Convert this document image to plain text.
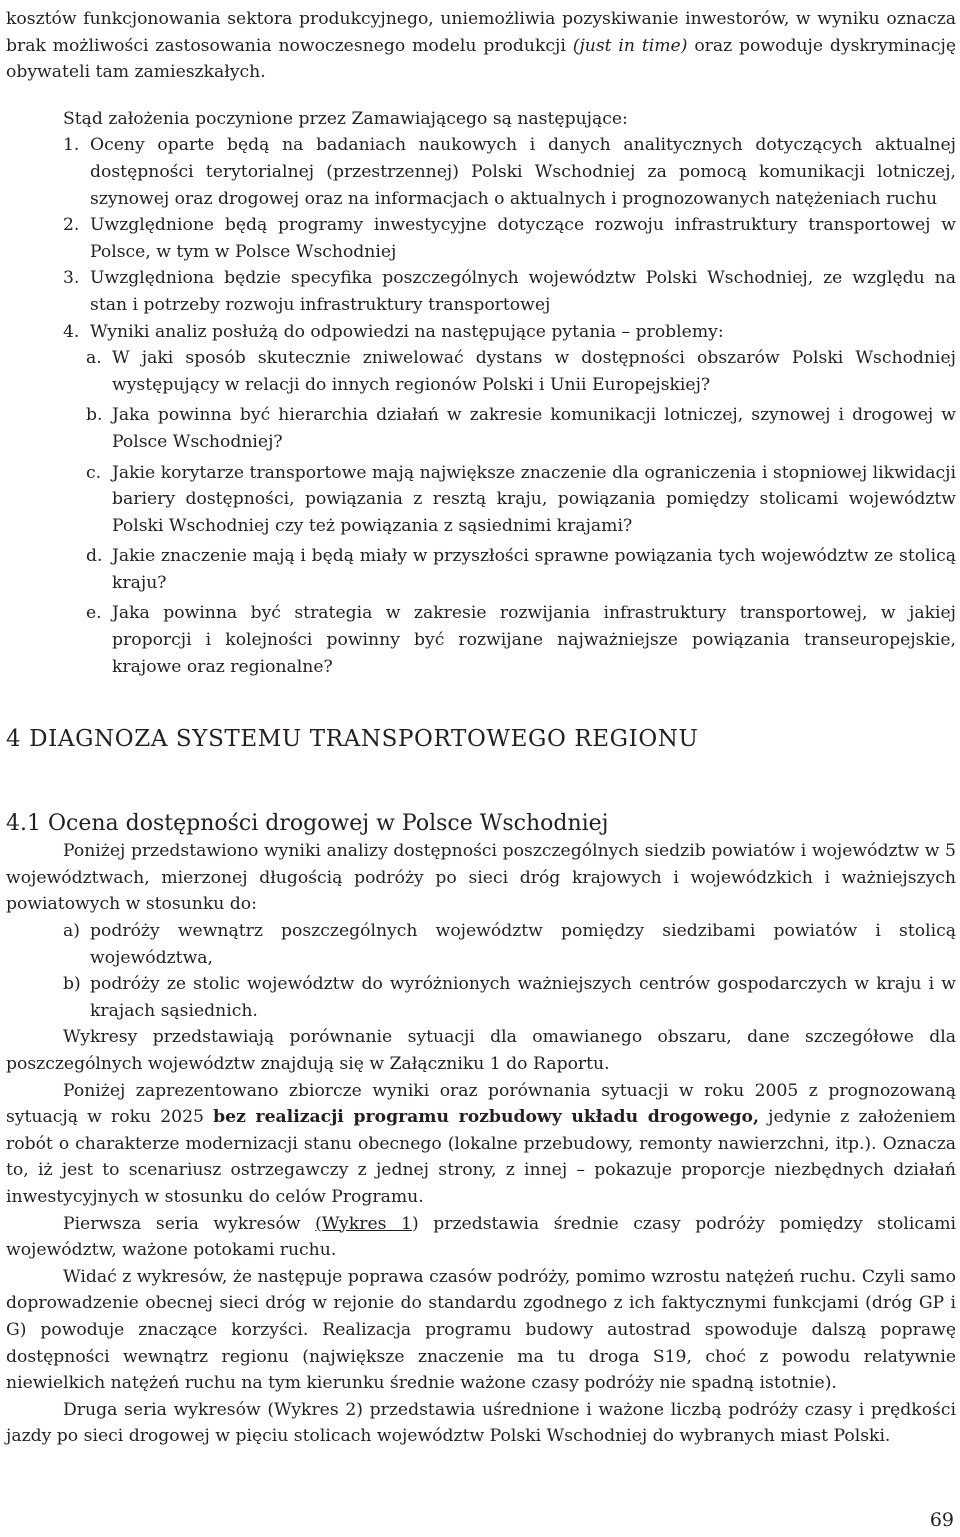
kosztów funkcjonowania sektora produkcyjnego, uniemożliwia pozyskiwanie inwestorów, w wyniku oznacza brak możliwości zastosowania nowoczesnego modelu produkcji (just in time) oraz powoduje dyskryminację obywateli tam zamieszkałych.

Stąd założenia poczynione przez Zamawiającego są następujące:

1. Oceny oparte będą na badaniach naukowych i danych analitycznych dotyczących aktualnej dostępności terytorialnej (przestrzennej) Polski Wschodniej za pomocą komunikacji lotniczej, szynowej oraz drogowej oraz na informacjach o aktualnych i prognozowanych natężeniach ruchu
2. Uwzględnione będą programy inwestycyjne dotyczące rozwoju infrastruktury transportowej w Polsce, w tym w Polsce Wschodniej
3. Uwzględniona będzie specyfika poszczególnych województw Polski Wschodniej, ze względu na stan i potrzeby rozwoju infrastruktury transportowej
4. Wyniki analiz posłużą do odpowiedzi na następujące pytania – problemy:
a. W jaki sposób skutecznie zniwelować dystans w dostępności obszarów Polski Wschodniej występujący w relacji do innych regionów Polski i Unii Europejskiej?
b. Jaka powinna być hierarchia działań w zakresie komunikacji lotniczej, szynowej i drogowej w Polsce Wschodniej?
c. Jakie korytarze transportowe mają największe znaczenie dla ograniczenia i stopniowej likwidacji bariery dostępności, powiązania z resztą kraju, powiązania pomiędzy stolicami województw Polski Wschodniej czy też powiązania z sąsiednimi krajami?
d. Jakie znaczenie mają i będą miały w przyszłości sprawne powiązania tych województw ze stolicą kraju?
e. Jaka powinna być strategia w zakresie rozwijania infrastruktury transportowej, w jakiej proporcji i kolejności powinny być rozwijane najważniejsze powiązania transeuropejskie, krajowe oraz regionalne?
4 DIAGNOZA SYSTEMU TRANSPORTOWEGO REGIONU
4.1 Ocena dostępności drogowej w Polsce Wschodniej

Poniżej przedstawiono wyniki analizy dostępności poszczególnych siedzib powiatów i województw w 5 województwach, mierzonej długością podróży po sieci dróg krajowych i wojewódzkich i ważniejszych powiatowych w stosunku do:

a) podróży wewnątrz poszczególnych województw pomiędzy siedzibami powiatów i stolicą województwa,
b) podróży ze stolic województw do wyróżnionych ważniejszych centrów gospodarczych w kraju i w krajach sąsiednich.

Wykresy przedstawiają porównanie sytuacji dla omawianego obszaru, dane szczegółowe dla poszczególnych województw znajdują się w Załączniku 1 do Raportu.

Poniżej zaprezentowano zbiorcze wyniki oraz porównania sytuacji w roku 2005 z prognozowaną sytuacją w roku 2025 bez realizacji programu rozbudowy układu drogowego, jedynie z założeniem robót o charakterze modernizacji stanu obecnego (lokalne przebudowy, remonty nawierzchni, itp.). Oznacza to, iż jest to scenariusz ostrzegawczy z jednej strony, z innej – pokazuje proporcje niezbędnych działań inwestycyjnych w stosunku do celów Programu.

Pierwsza seria wykresów (Wykres 1) przedstawia średnie czasy podróży pomiędzy stolicami województw, ważone potokami ruchu.

Widać z wykresów, że następuje poprawa czasów podróży, pomimo wzrostu natężeń ruchu. Czyli samo doprowadzenie obecnej sieci dróg w rejonie do standardu zgodnego z ich faktycznymi funkcjami (dróg GP i G) powoduje znaczące korzyści. Realizacja programu budowy autostrad spowoduje dalszą poprawę dostępności wewnątrz regionu (największe znaczenie ma tu droga S19, choć z powodu relatywnie niewielkich natężeń ruchu na tym kierunku średnie ważone czasy podróży nie spadną istotnie).

Druga seria wykresów (Wykres 2) przedstawia uśrednione i ważone liczbą podróży czasy i prędkości jazdy po sieci drogowej w pięciu stolicach województw Polski Wschodniej do wybranych miast Polski.

69
